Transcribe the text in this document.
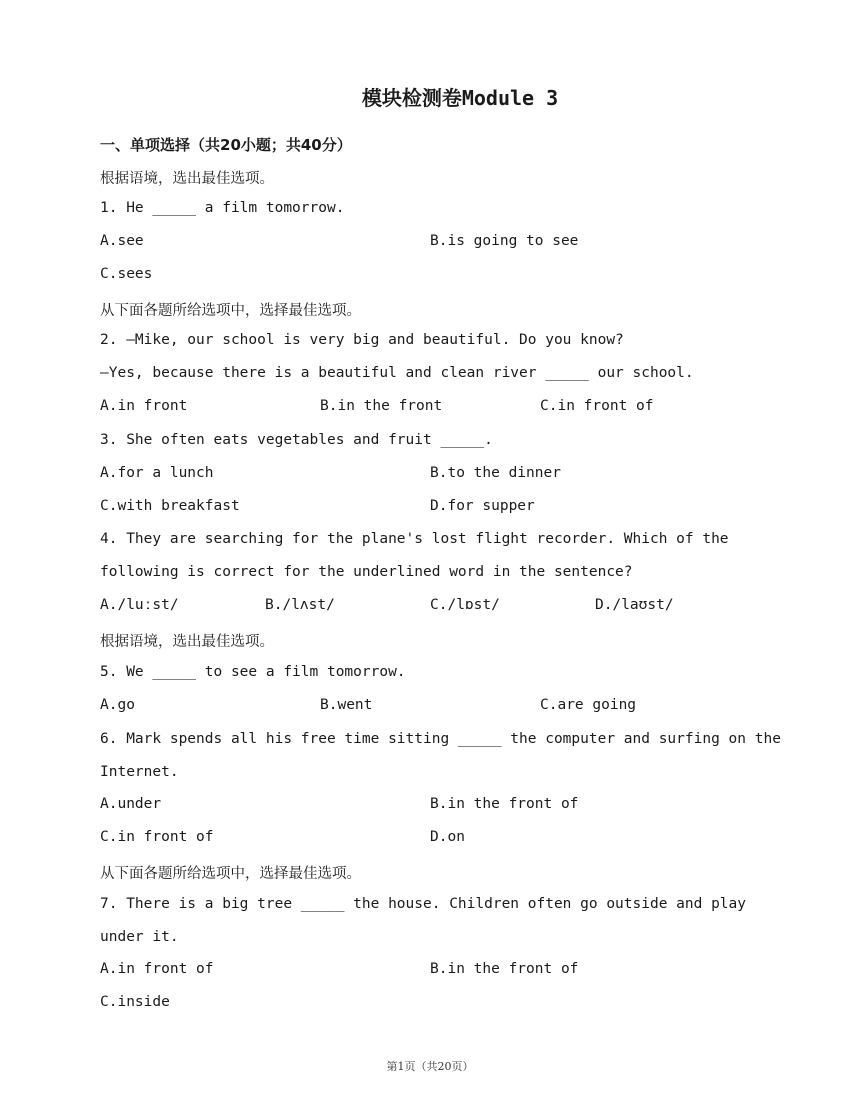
模块检测卷Module 3
一、单项选择（共20小题；共40分）
根据语境，选出最佳选项。
1. He _____ a film tomorrow.
A.see	B.is going to see
C.sees
从下面各题所给选项中，选择最佳选项。
2. —Mike, our school is very big and beautiful. Do you know?
—Yes, because there is a beautiful and clean river _____ our school.
A.in front	B.in the front	C.in front of
3. She often eats vegetables and fruit _____.
A.for a lunch	B.to the dinner
C.with breakfast	D.for supper
4. They are searching for the plane's lost flight recorder. Which of the
following is correct for the underlined word in the sentence?
A./luːst/	B./lʌst/	C./lɒst/	D./laʊst/
根据语境，选出最佳选项。
5. We _____ to see a film tomorrow.
A.go	B.went	C.are going
6. Mark spends all his free time sitting _____ the computer and surfing on the
Internet.
A.under	B.in the front of
C.in front of	D.on
从下面各题所给选项中，选择最佳选项。
7. There is a big tree _____ the house. Children often go outside and play
under it.
A.in front of	B.in the front of
C.inside
第1页（共20页）
